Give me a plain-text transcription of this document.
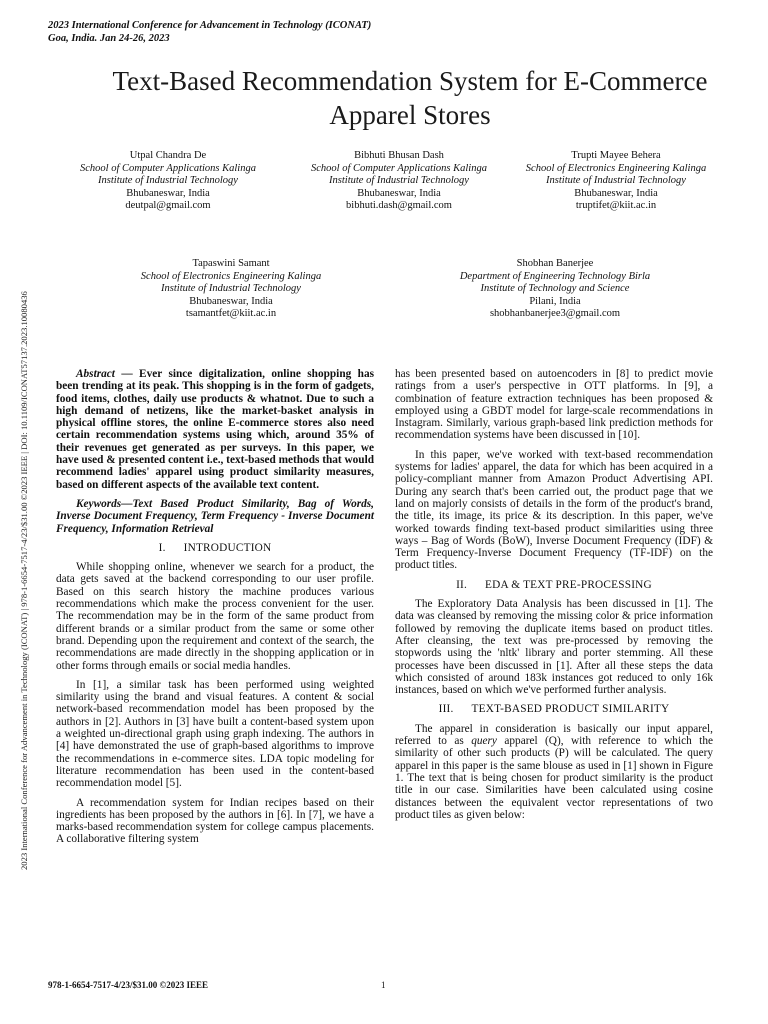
2023 International Conference for Advancement in Technology (ICONAT)
Goa, India. Jan 24-26, 2023
2023 International Conference for Advancement in Technology (ICONAT) | 978-1-6654-7517-4/23/$31.00 ©2023 IEEE | DOI: 10.1109/ICONAT57137.2023.10080436
Text-Based Recommendation System for E-Commerce Apparel Stores
Utpal Chandra De
School of Computer Applications Kalinga Institute of Industrial Technology
Bhubaneswar, India
deutpal@gmail.com
Bibhuti Bhusan Dash
School of Computer Applications Kalinga Institute of Industrial Technology
Bhubaneswar, India
bibhuti.dash@gmail.com
Trupti Mayee Behera
School of Electronics Engineering Kalinga Institute of Industrial Technology
Bhubaneswar, India
truptifet@kiit.ac.in
Tapaswini Samant
School of Electronics Engineering Kalinga Institute of Industrial Technology
Bhubaneswar, India
tsamantfet@kiit.ac.in
Shobhan Banerjee
Department of Engineering Technology Birla Institute of Technology and Science
Pilani, India
shobhanbanerjee3@gmail.com

Abstract — Ever since digitalization, online shopping has been trending at its peak. This shopping is in the form of gadgets, food items, clothes, daily use products & whatnot. Due to such a high demand of netizens, like the market-basket analysis in physical offline stores, the online E-commerce stores also need certain recommendation systems using which, around 35% of their revenues get generated as per surveys. In this paper, we have used & presented content i.e., text-based methods that would recommend ladies' apparel using product similarity measures, based on different aspects of the available text content.

Keywords—Text Based Product Similarity, Bag of Words, Inverse Document Frequency, Term Frequency - Inverse Document Frequency, Information Retrieval

I. INTRODUCTION

While shopping online, whenever we search for a product, the data gets saved at the backend corresponding to our user profile. Based on this search history the machine produces various recommendations which make the process convenient for the user. The recommendation may be in the form of the same product from different brands or a similar product from the same or some other brand. Depending upon the requirement and context of the search, the recommendations are made directly in the shopping application or in other forms through emails or social media handles.

In [1], a similar task has been performed using weighted similarity using the brand and visual features. A content & social network-based recommendation model has been proposed by the authors in [2]. Authors in [3] have built a content-based system upon a weighted un-directional graph using graph indexing. The authors in [4] have demonstrated the use of graph-based algorithms to improve the recommendations in e-commerce sites. LDA topic modeling for literature recommendation has been used in the content-based recommendation model [5].

A recommendation system for Indian recipes based on their ingredients has been proposed by the authors in [6]. In [7], we have a marks-based recommendation system for college campus placements. A collaborative filtering system

has been presented based on autoencoders in [8] to predict movie ratings from a user's perspective in OTT platforms. In [9], a combination of feature extraction techniques has been proposed & employed using a GBDT model for large-scale recommendations in Instagram. Similarly, various graph-based link prediction methods for recommendation systems have been discussed in [10].

In this paper, we've worked with text-based recommendation systems for ladies' apparel, the data for which has been acquired in a policy-compliant manner from Amazon Product Advertising API. During any search that's been carried out, the product page that we land on majorly consists of details in the form of the product's brand, the title, its image, its price & its description. In this paper, we've worked towards finding text-based product similarities using three ways – Bag of Words (BoW), Inverse Document Frequency (IDF) & Term Frequency-Inverse Document Frequency (TF-IDF) on the product titles.

II. EDA & TEXT PRE-PROCESSING

The Exploratory Data Analysis has been discussed in [1]. The data was cleansed by removing the missing color & price information followed by removing the duplicate items based on product titles. After cleansing, the text was pre-processed by removing the stopwords using the 'nltk' library and porter stemming. All these processes have been discussed in [1]. After all these steps the data which consisted of around 183k instances got reduced to only 16k instances, based on which we've performed further analysis.

III. TEXT-BASED PRODUCT SIMILARITY

The apparel in consideration is basically our input apparel, referred to as query apparel (Q), with reference to which the similarity of other such products (P) will be calculated. The query apparel in this paper is the same blouse as used in [1] shown in Figure 1. The text that is being chosen for product similarity is the product title in our case. Similarities have been calculated using cosine distances between the equivalent vector representations of two product tiles as given below:

978-1-6654-7517-4/23/$31.00 ©2023 IEEE	1
